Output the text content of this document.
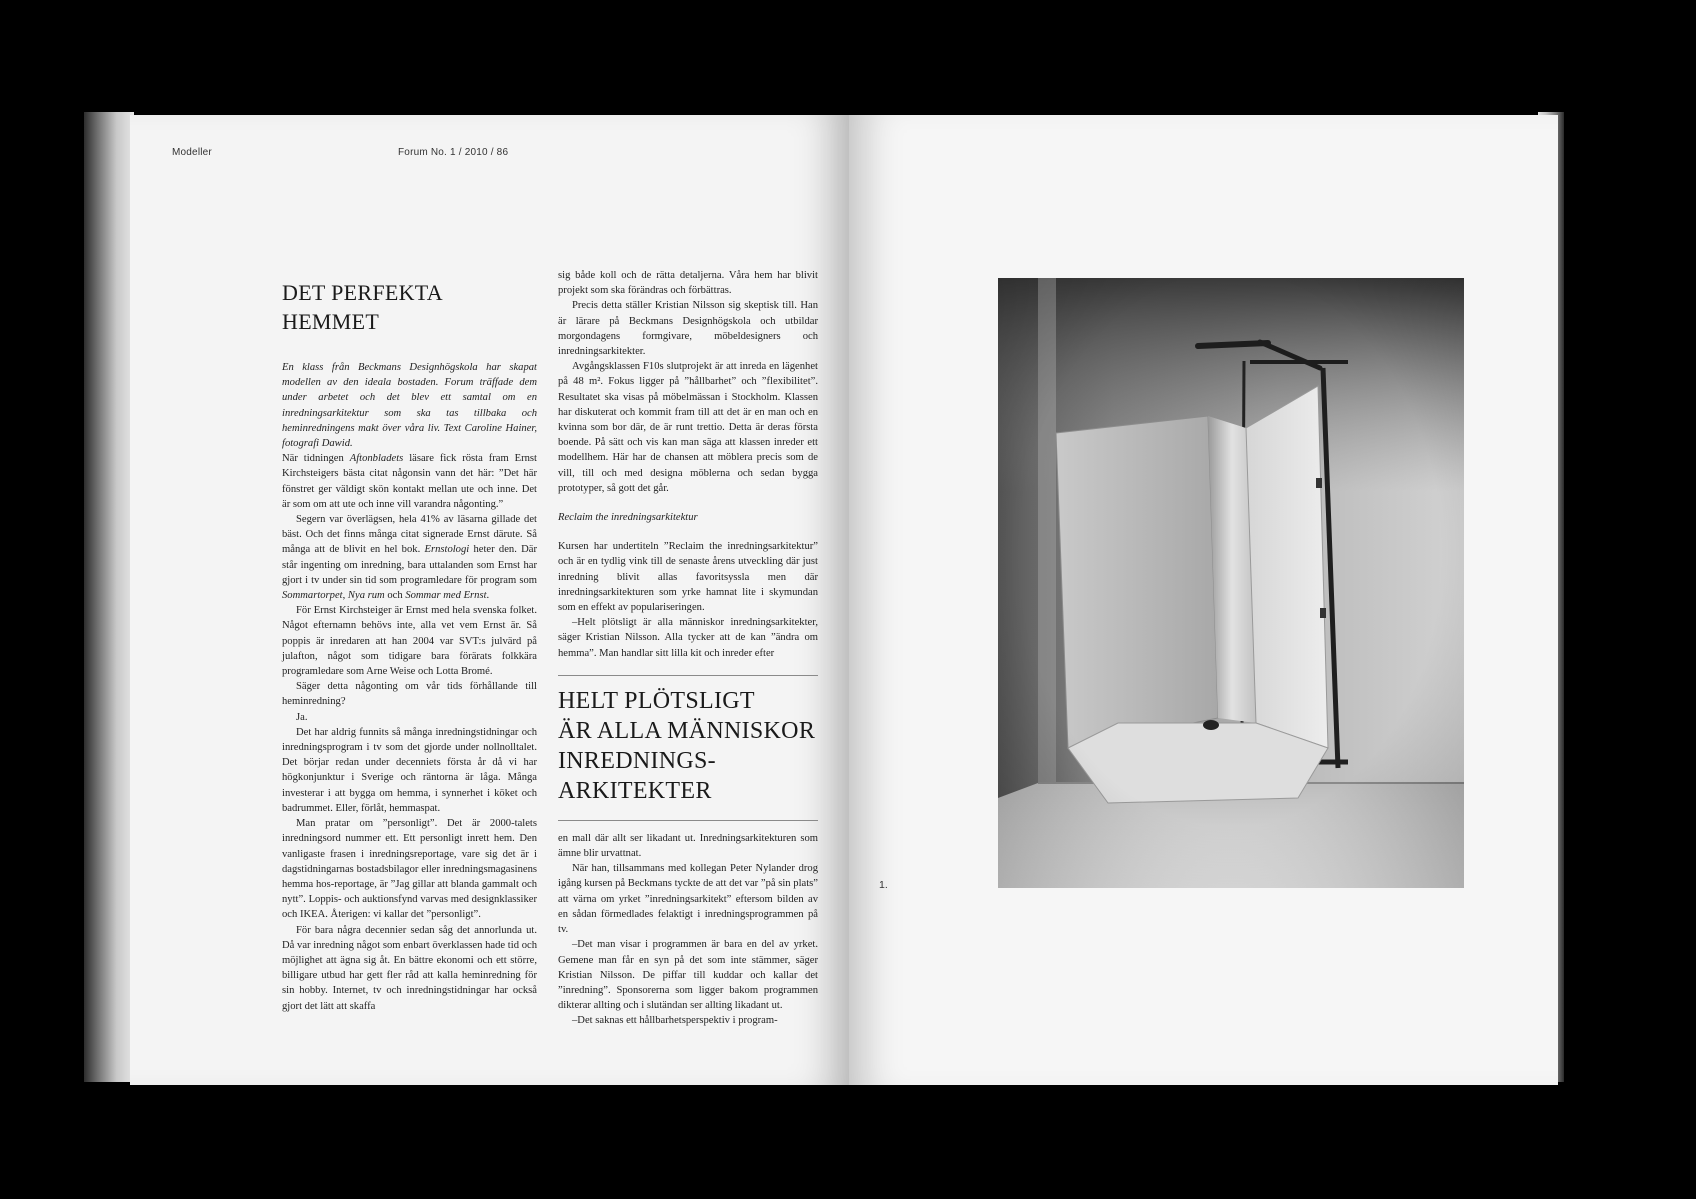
Modeller	Forum No. 1 / 2010 / 86
DET PERFEKTA
HEMMET

En klass från Beckmans Designhögskola har skapat modellen av den ideala bostaden. Forum träffade dem under arbetet och det blev ett samtal om en inredningsarkitektur som ska tas tillbaka och heminredningens makt över våra liv. Text Caroline Hainer, fotografi Dawid.

När tidningen Aftonbladets läsare fick rösta fram Ernst Kirchsteigers bästa citat någonsin vann det här: ”Det här fönstret ger väldigt skön kontakt mellan ute och inne. Det är som om att ute och inne vill varandra någonting.”

Segern var överlägsen, hela 41% av läsarna gillade det bäst. Och det finns många citat signerade Ernst därute. Så många att de blivit en hel bok. Ernstologi heter den. Där står ingenting om inredning, bara uttalanden som Ernst har gjort i tv under sin tid som programledare för program som Sommartorpet, Nya rum och Sommar med Ernst.

För Ernst Kirchsteiger är Ernst med hela svenska folket. Något efternamn behövs inte, alla vet vem Ernst är. Så poppis är inredaren att han 2004 var SVT:s julvärd på julafton, något som tidigare bara förärats folkkära programledare som Arne Weise och Lotta Bromé.

Säger detta någonting om vår tids förhållande till heminredning?

Ja.

Det har aldrig funnits så många inredningstidningar och inredningsprogram i tv som det gjorde under nollnolltalet. Det börjar redan under decenniets första år då vi har högkonjunktur i Sverige och räntorna är låga. Många investerar i att bygga om hemma, i synnerhet i köket och badrummet. Eller, förlåt, hemmaspat.

Man pratar om ”personligt”. Det är 2000-talets inredningsord nummer ett. Ett personligt inrett hem. Den vanligaste frasen i inredningsreportage, vare sig det är i dagstidningarnas bostadsbilagor eller inredningsmagasinens hemma hos-reportage, är ”Jag gillar att blanda gammalt och nytt”. Loppis- och auktionsfynd varvas med designklassiker och IKEA. Återigen: vi kallar det ”personligt”.

För bara några decennier sedan såg det annorlunda ut. Då var inredning något som enbart överklassen hade tid och möjlighet att ägna sig åt. En bättre ekonomi och ett större, billigare utbud har gett fler råd att kalla heminredning för sin hobby. Internet, tv och inredningstidningar har också gjort det lätt att skaffa

sig både koll och de rätta detaljerna. Våra hem har blivit projekt som ska förändras och förbättras.

Precis detta ställer Kristian Nilsson sig skeptisk till. Han är lärare på Beckmans Designhögskola och utbildar morgondagens formgivare, möbeldesigners och inredningsarkitekter.

Avgångsklassen F10s slutprojekt är att inreda en lägenhet på 48 m². Fokus ligger på ”hållbarhet” och ”flexibilitet”. Resultatet ska visas på möbelmässan i Stockholm. Klassen har diskuterat och kommit fram till att det är en man och en kvinna som bor där, de är runt trettio. Detta är deras första boende. På sätt och vis kan man säga att klassen inreder ett modellhem. Här har de chansen att möblera precis som de vill, till och med designa möblerna och sedan bygga prototyper, så gott det går.

Reclaim the inredningsarkitektur

Kursen har undertiteln ”Reclaim the inredningsarkitektur” och är en tydlig vink till de senaste årens utveckling där just inredning blivit allas favoritsyssla men där inredningsarkitekturen som yrke hamnat lite i skymundan som en effekt av populariseringen.

–Helt plötsligt är alla människor inredningsarkitekter, säger Kristian Nilsson. Alla tycker att de kan ”ändra om hemma”. Man handlar sitt lilla kit och inreder efter

HELT PLÖTSLIGT
ÄR ALLA MÄNNISKOR
INREDNINGS-
ARKITEKTER

en mall där allt ser likadant ut. Inredningsarkitekturen som ämne blir urvattnat.

När han, tillsammans med kollegan Peter Nylander drog igång kursen på Beckmans tyckte de att det var ”på sin plats” att värna om yrket ”inredningsarkitekt” eftersom bilden av en sådan förmedlades felaktigt i inredningsprogrammen på tv.

–Det man visar i programmen är bara en del av yrket. Gemene man får en syn på det som inte stämmer, säger Kristian Nilsson. De piffar till kuddar och kallar det ”inredning”. Sponsorerna som ligger bakom programmen dikterar allting och i slutändan ser allting likadant ut.

–Det saknas ett hållbarhetsperspektiv i program-

1.
